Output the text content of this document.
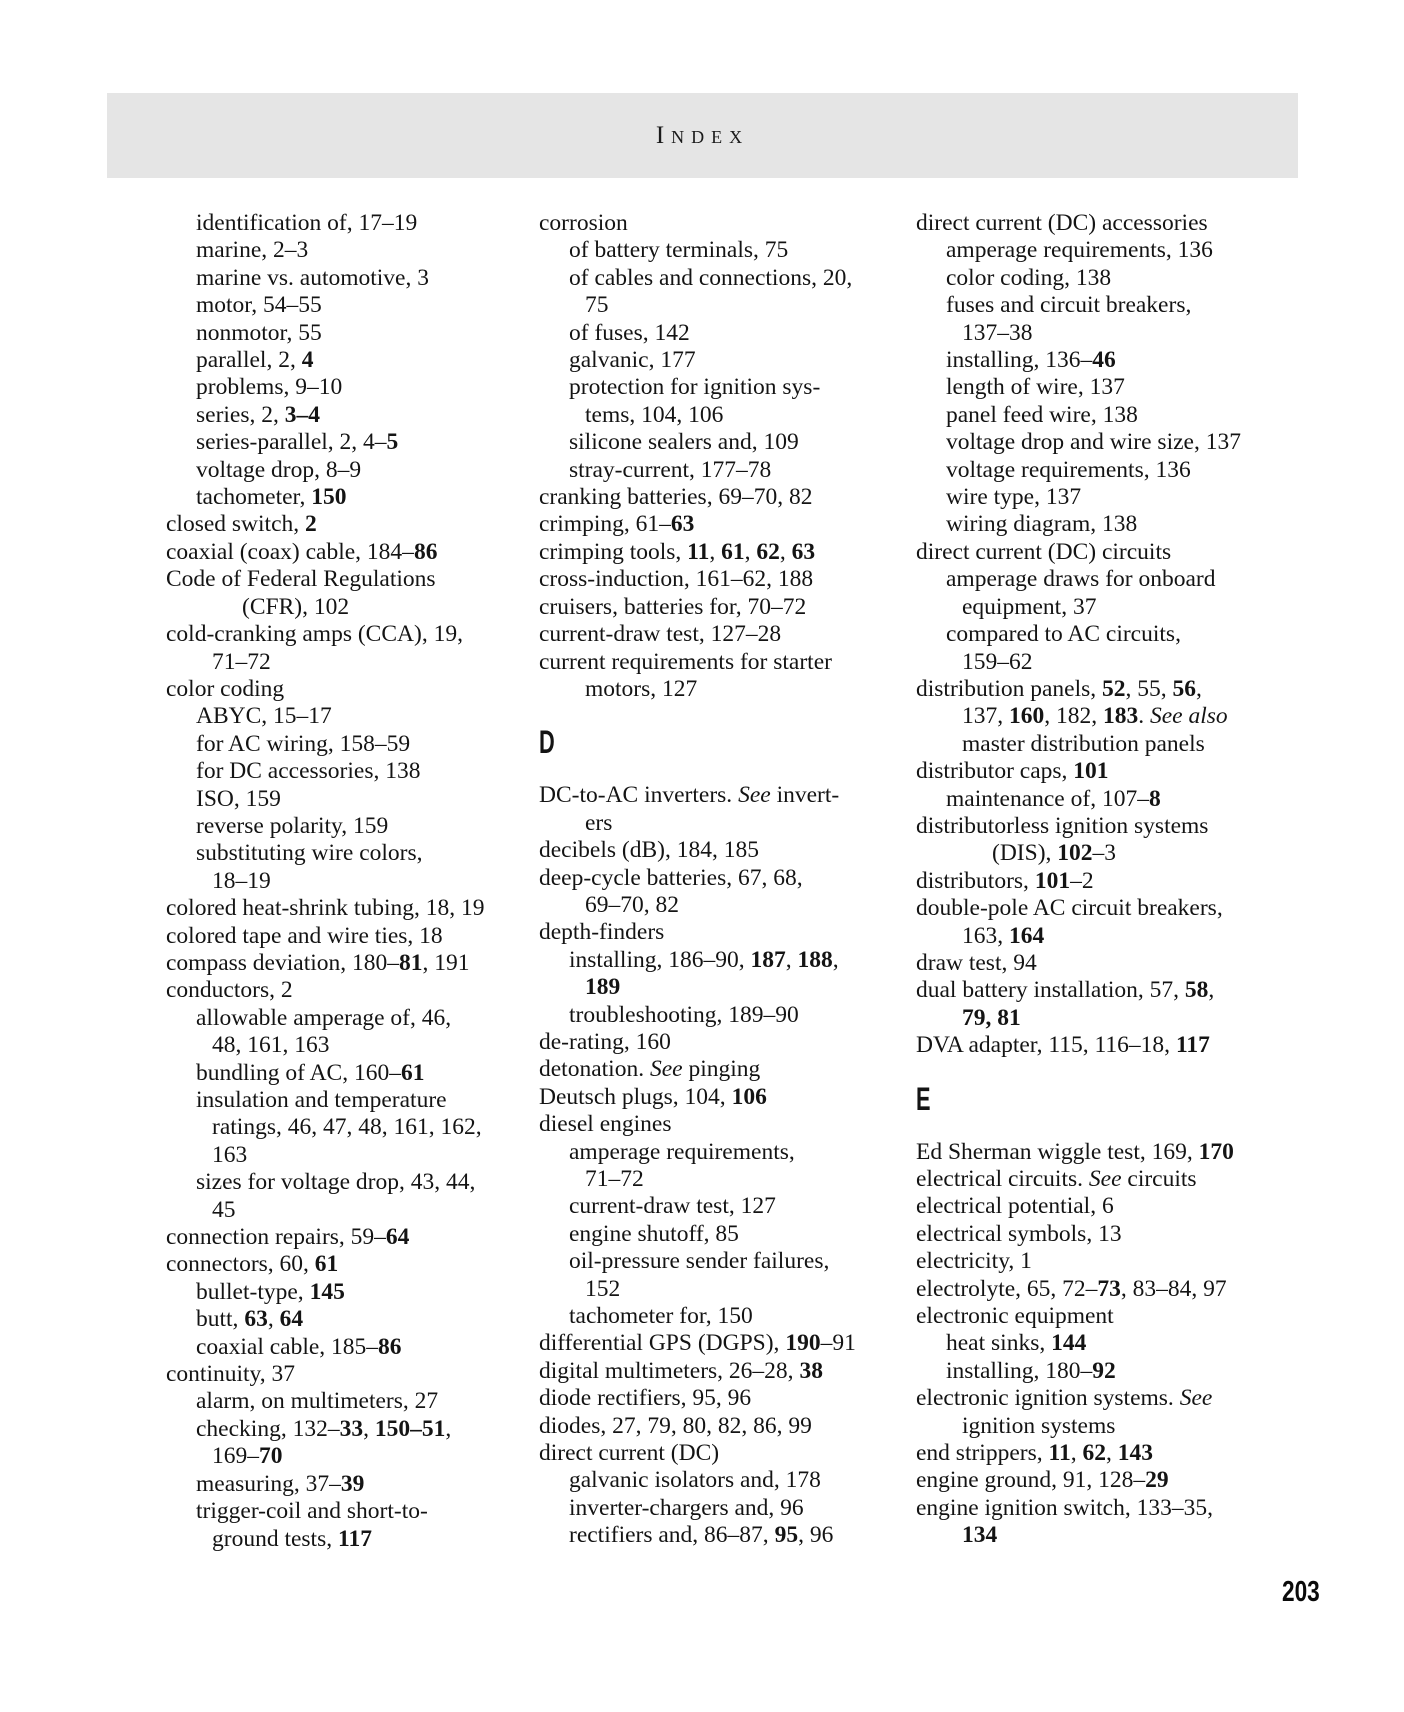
Index
identification of, 17–19
marine, 2–3
marine vs. automotive, 3
motor, 54–55
nonmotor, 55
parallel, 2, 4
problems, 9–10
series, 2, 3–4
series-parallel, 2, 4–5
voltage drop, 8–9
tachometer, 150
closed switch, 2
coaxial (coax) cable, 184–86
Code of Federal Regulations
(CFR), 102
cold-cranking amps (CCA), 19,
71–72
color coding
ABYC, 15–17
for AC wiring, 158–59
for DC accessories, 138
ISO, 159
reverse polarity, 159
substituting wire colors,
18–19
colored heat-shrink tubing, 18, 19
colored tape and wire ties, 18
compass deviation, 180–81, 191
conductors, 2
allowable amperage of, 46,
48, 161, 163
bundling of AC, 160–61
insulation and temperature
ratings, 46, 47, 48, 161, 162,
163
sizes for voltage drop, 43, 44,
45
connection repairs, 59–64
connectors, 60, 61
bullet-type, 145
butt, 63, 64
coaxial cable, 185–86
continuity, 37
alarm, on multimeters, 27
checking, 132–33, 150–51,
169–70
measuring, 37–39
trigger-coil and short-to-
ground tests, 117
corrosion
of battery terminals, 75
of cables and connections, 20,
75
of fuses, 142
galvanic, 177
protection for ignition sys-
tems, 104, 106
silicone sealers and, 109
stray-current, 177–78
cranking batteries, 69–70, 82
crimping, 61–63
crimping tools, 11, 61, 62, 63
cross-induction, 161–62, 188
cruisers, batteries for, 70–72
current-draw test, 127–28
current requirements for starter
motors, 127
D
DC-to-AC inverters. See invert-
ers
decibels (dB), 184, 185
deep-cycle batteries, 67, 68,
69–70, 82
depth-finders
installing, 186–90, 187, 188,
189
troubleshooting, 189–90
de-rating, 160
detonation. See pinging
Deutsch plugs, 104, 106
diesel engines
amperage requirements,
71–72
current-draw test, 127
engine shutoff, 85
oil-pressure sender failures,
152
tachometer for, 150
differential GPS (DGPS), 190–91
digital multimeters, 26–28, 38
diode rectifiers, 95, 96
diodes, 27, 79, 80, 82, 86, 99
direct current (DC)
galvanic isolators and, 178
inverter-chargers and, 96
rectifiers and, 86–87, 95, 96
direct current (DC) accessories
amperage requirements, 136
color coding, 138
fuses and circuit breakers,
137–38
installing, 136–46
length of wire, 137
panel feed wire, 138
voltage drop and wire size, 137
voltage requirements, 136
wire type, 137
wiring diagram, 138
direct current (DC) circuits
amperage draws for onboard
equipment, 37
compared to AC circuits,
159–62
distribution panels, 52, 55, 56,
137, 160, 182, 183. See also
master distribution panels
distributor caps, 101
maintenance of, 107–8
distributorless ignition systems
(DIS), 102–3
distributors, 101–2
double-pole AC circuit breakers,
163, 164
draw test, 94
dual battery installation, 57, 58,
79, 81
DVA adapter, 115, 116–18, 117
E
Ed Sherman wiggle test, 169, 170
electrical circuits. See circuits
electrical potential, 6
electrical symbols, 13
electricity, 1
electrolyte, 65, 72–73, 83–84, 97
electronic equipment
heat sinks, 144
installing, 180–92
electronic ignition systems. See
ignition systems
end strippers, 11, 62, 143
engine ground, 91, 128–29
engine ignition switch, 133–35,
134
203
